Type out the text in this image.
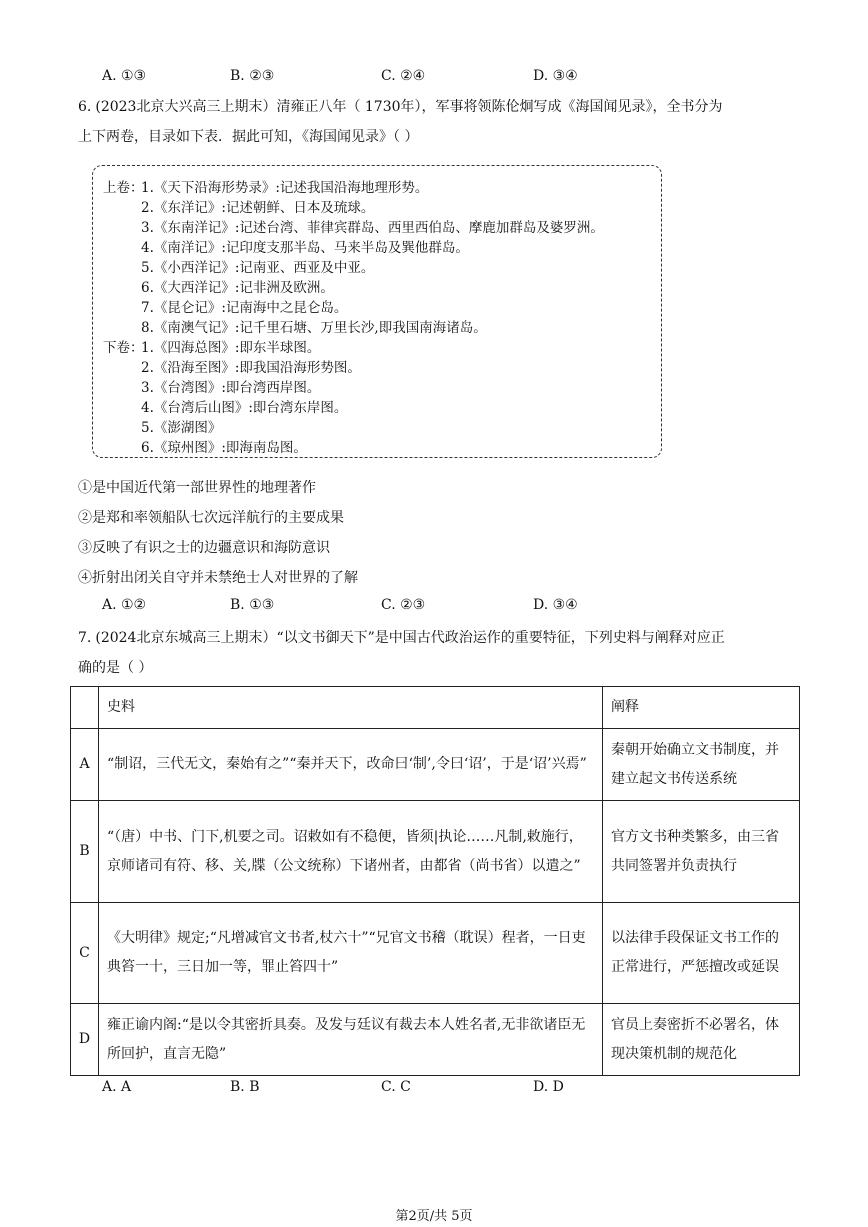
A. ①③	B. ②③	C. ②④	D. ③④
6. (2023北京大兴高三上期末）清雍正八年（ 1730年），军事将领陈伦炯写成《海国闻见录》，全书分为
上下两卷，目录如下表．据此可知，《海国闻见录》（ ）
上卷：
1.《天下沿海形势录》:记述我国沿海地理形势。
2.《东洋记》:记述朝鲜、日本及琉球。
3.《东南洋记》:记述台湾、菲律宾群岛、西里西伯岛、摩鹿加群岛及婆罗洲。
4.《南洋记》:记印度支那半岛、马来半岛及巽他群岛。
5.《小西洋记》:记南亚、西亚及中亚。
6.《大西洋记》:记非洲及欧洲。
7.《昆仑记》:记南海中之昆仑岛。
8.《南澳气记》:记千里石塘、万里长沙,即我国南海诸岛。
下卷：
1.《四海总图》:即东半球图。
2.《沿海至图》:即我国沿海形势图。
3.《台湾图》:即台湾西岸图。
4.《台湾后山图》:即台湾东岸图。
5.《澎湖图》
6.《琼州图》:即海南岛图。
①是中国近代第一部世界性的地理著作
②是郑和率领船队七次远洋航行的主要成果
③反映了有识之士的边疆意识和海防意识
④折射出闭关自守并未禁绝士人对世界的了解
A. ①②	B. ①③	C. ②③	D. ③④
7. (2024北京东城高三上期末）“以文书御天下”是中国古代政治运作的重要特征，下列史料与阐释对应正
确的是（ ）
	史料	阐释
A	“制诏，三代无文，秦始有之”“秦并天下，改命曰‘制’,令曰‘诏’，于是‘诏’兴焉”	秦朝开始确立文书制度，并建立起文书传送系统
B	“（唐）中书、门下,机要之司。诏敕如有不稳便，皆须|执论……凡制,敕施行，京师诸司有符、移、关,牒（公文统称）下诸州者，由都省（尚书省）以遣之”	官方文书种类繁多，由三省共同签署并负责执行
C	《大明律》规定;“凡增减官文书者,杖六十”“兄官文书稽（耽误）程者，一日吏典笞一十，三日加一等，罪止笞四十”	以法律手段保证文书工作的正常进行，严惩擅改或延误
D	雍正谕内阁:“是以令其密折具奏。及发与廷议有裁去本人姓名者,无非欲诸臣无所回护，直言无隐”	官员上奏密折不必署名，体现决策机制的规范化
A. A	B. B	C. C	D. D
第2页/共 5页
